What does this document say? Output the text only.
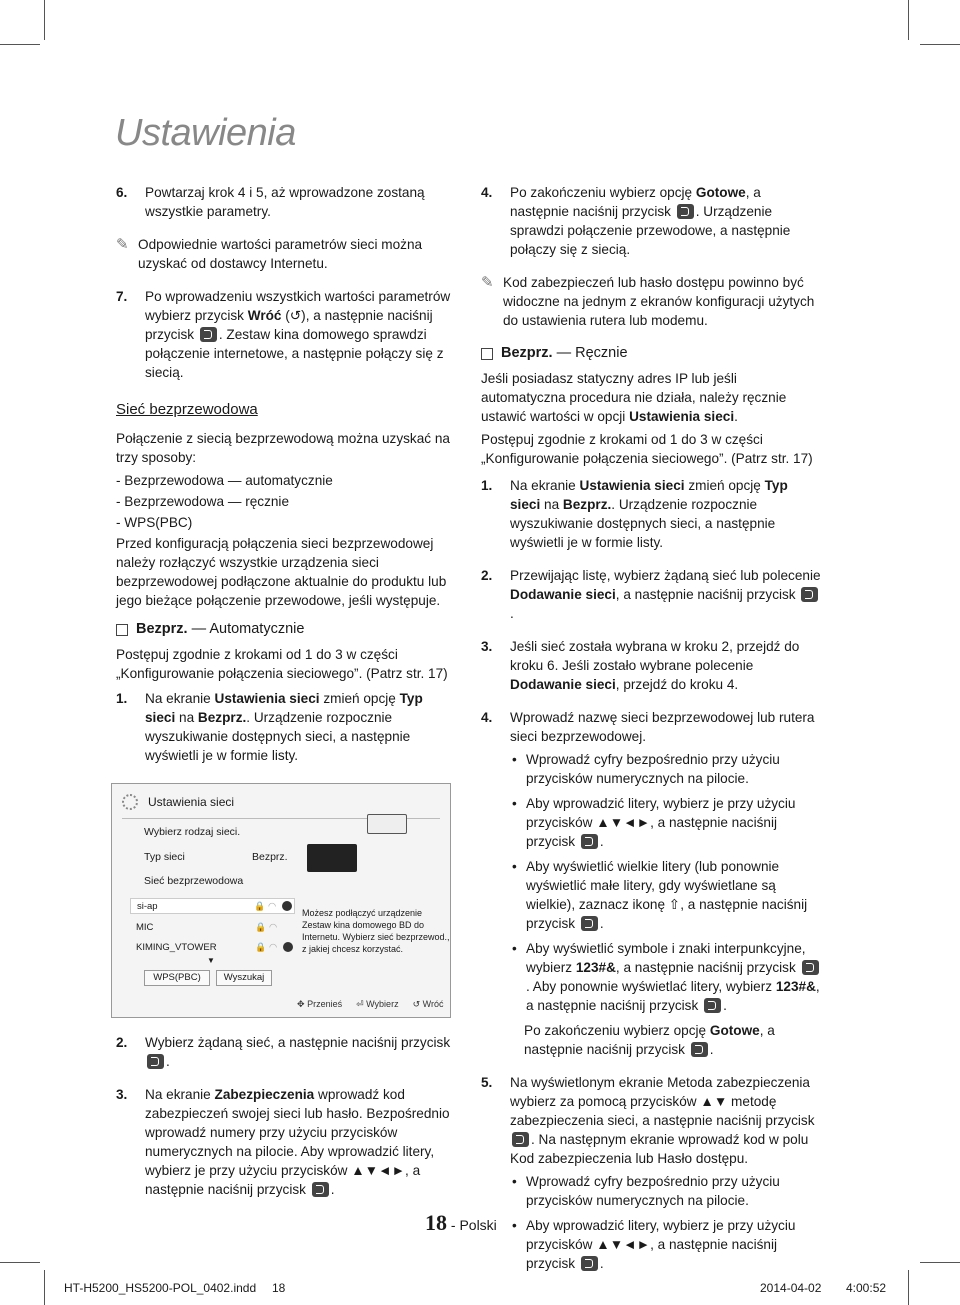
Ustawienia
6.	Powtarzaj krok 4 i 5, aż wprowadzone zostaną wszystkie parametry.
✎ Odpowiednie wartości parametrów sieci można uzyskać od dostawcy Internetu.
7.	Po wprowadzeniu wszystkich wartości parametrów wybierz przycisk Wróć (↺), a następnie naciśnij przycisk . Zestaw kina domowego sprawdzi połączenie internetowe, a następnie połączy się z siecią.
Sieć bezprzewodowa
Połączenie z siecią bezprzewodową można uzyskać na trzy sposoby:
- Bezprzewodowa — automatycznie
- Bezprzewodowa — ręcznie
- WPS(PBC)
Przed konfiguracją połączenia sieci bezprzewodowej należy rozłączyć wszystkie urządzenia sieci bezprzewodowej podłączone aktualnie do produktu lub jego bieżące połączenie przewodowe, jeśli występuje.
Bezprz. — Automatycznie
Postępuj zgodnie z krokami od 1 do 3 w części „Konfigurowanie połączenia sieciowego”. (Patrz str. 17)
1.	Na ekranie Ustawienia sieci zmień opcję Typ sieci na Bezprz.. Urządzenie rozpocznie wyszukiwanie dostępnych sieci, a następnie wyświetli je w formie listy.
Ustawienia sieci
Wybierz rodzaj sieci.
Typ sieci	Bezprz.
Sieć bezprzewodowa
si-ap	🔒 ◠
MIC	🔒 ◠
KIMING_VTOWER	🔒 ◠
▼
WPS(PBC)	Wyszukaj
Możesz podłączyć urządzenie Zestaw kina domowego BD do Internetu. Wybierz sieć bezprzewod., z jakiej chcesz korzystać.
✥ Przenieś ⏎ Wybierz ↺ Wróć
2.	Wybierz żądaną sieć, a następnie naciśnij przycisk .
3.	Na ekranie Zabezpieczenia wprowadź kod zabezpieczeń swojej sieci lub hasło. Bezpośrednio wprowadź numery przy użyciu przycisków numerycznych na pilocie. Aby wprowadzić litery, wybierz je przy użyciu przycisków ▲▼◄►, a następnie naciśnij przycisk .
4.	Po zakończeniu wybierz opcję Gotowe, a następnie naciśnij przycisk . Urządzenie sprawdzi połączenie przewodowe, a następnie połączy się z siecią.
✎ Kod zabezpieczeń lub hasło dostępu powinno być widoczne na jednym z ekranów konfiguracji użytych do ustawienia rutera lub modemu.
Bezprz. — Ręcznie
Jeśli posiadasz statyczny adres IP lub jeśli automatyczna procedura nie działa, należy ręcznie ustawić wartości w opcji Ustawienia sieci.
Postępuj zgodnie z krokami od 1 do 3 w części „Konfigurowanie połączenia sieciowego”. (Patrz str. 17)
1.	Na ekranie Ustawienia sieci zmień opcję Typ sieci na Bezprz.. Urządzenie rozpocznie wyszukiwanie dostępnych sieci, a następnie wyświetli je w formie listy.
2.	Przewijając listę, wybierz żądaną sieć lub polecenie Dodawanie sieci, a następnie naciśnij przycisk .
3.	Jeśli sieć została wybrana w kroku 2, przejdź do kroku 6. Jeśli zostało wybrane polecenie Dodawanie sieci, przejdź do kroku 4.
4.	Wprowadź nazwę sieci bezprzewodowej lub rutera sieci bezprzewodowej.
• Wprowadź cyfry bezpośrednio przy użyciu przycisków numerycznych na pilocie.
• Aby wprowadzić litery, wybierz je przy użyciu przycisków ▲▼◄►, a następnie naciśnij przycisk .
• Aby wyświetlić wielkie litery (lub ponownie wyświetlić małe litery, gdy wyświetlane są wielkie), zaznacz ikonę ⇧, a następnie naciśnij przycisk .
• Aby wyświetlić symbole i znaki interpunkcyjne, wybierz 123#&, a następnie naciśnij przycisk . Aby ponownie wyświetlać litery, wybierz 123#&, a następnie naciśnij przycisk .
Po zakończeniu wybierz opcję Gotowe, a następnie naciśnij przycisk .
5.	Na wyświetlonym ekranie Metoda zabezpieczenia wybierz za pomocą przycisków ▲▼ metodę zabezpieczenia sieci, a następnie naciśnij przycisk . Na następnym ekranie wprowadź kod w polu Kod zabezpieczenia lub Hasło dostępu.
• Wprowadź cyfry bezpośrednio przy użyciu przycisków numerycznych na pilocie.
• Aby wprowadzić litery, wybierz je przy użyciu przycisków ▲▼◄►, a następnie naciśnij przycisk .
18 - Polski
HT-H5200_HS5200-POL_0402.indd 18	2014-04-02 4:00:52
